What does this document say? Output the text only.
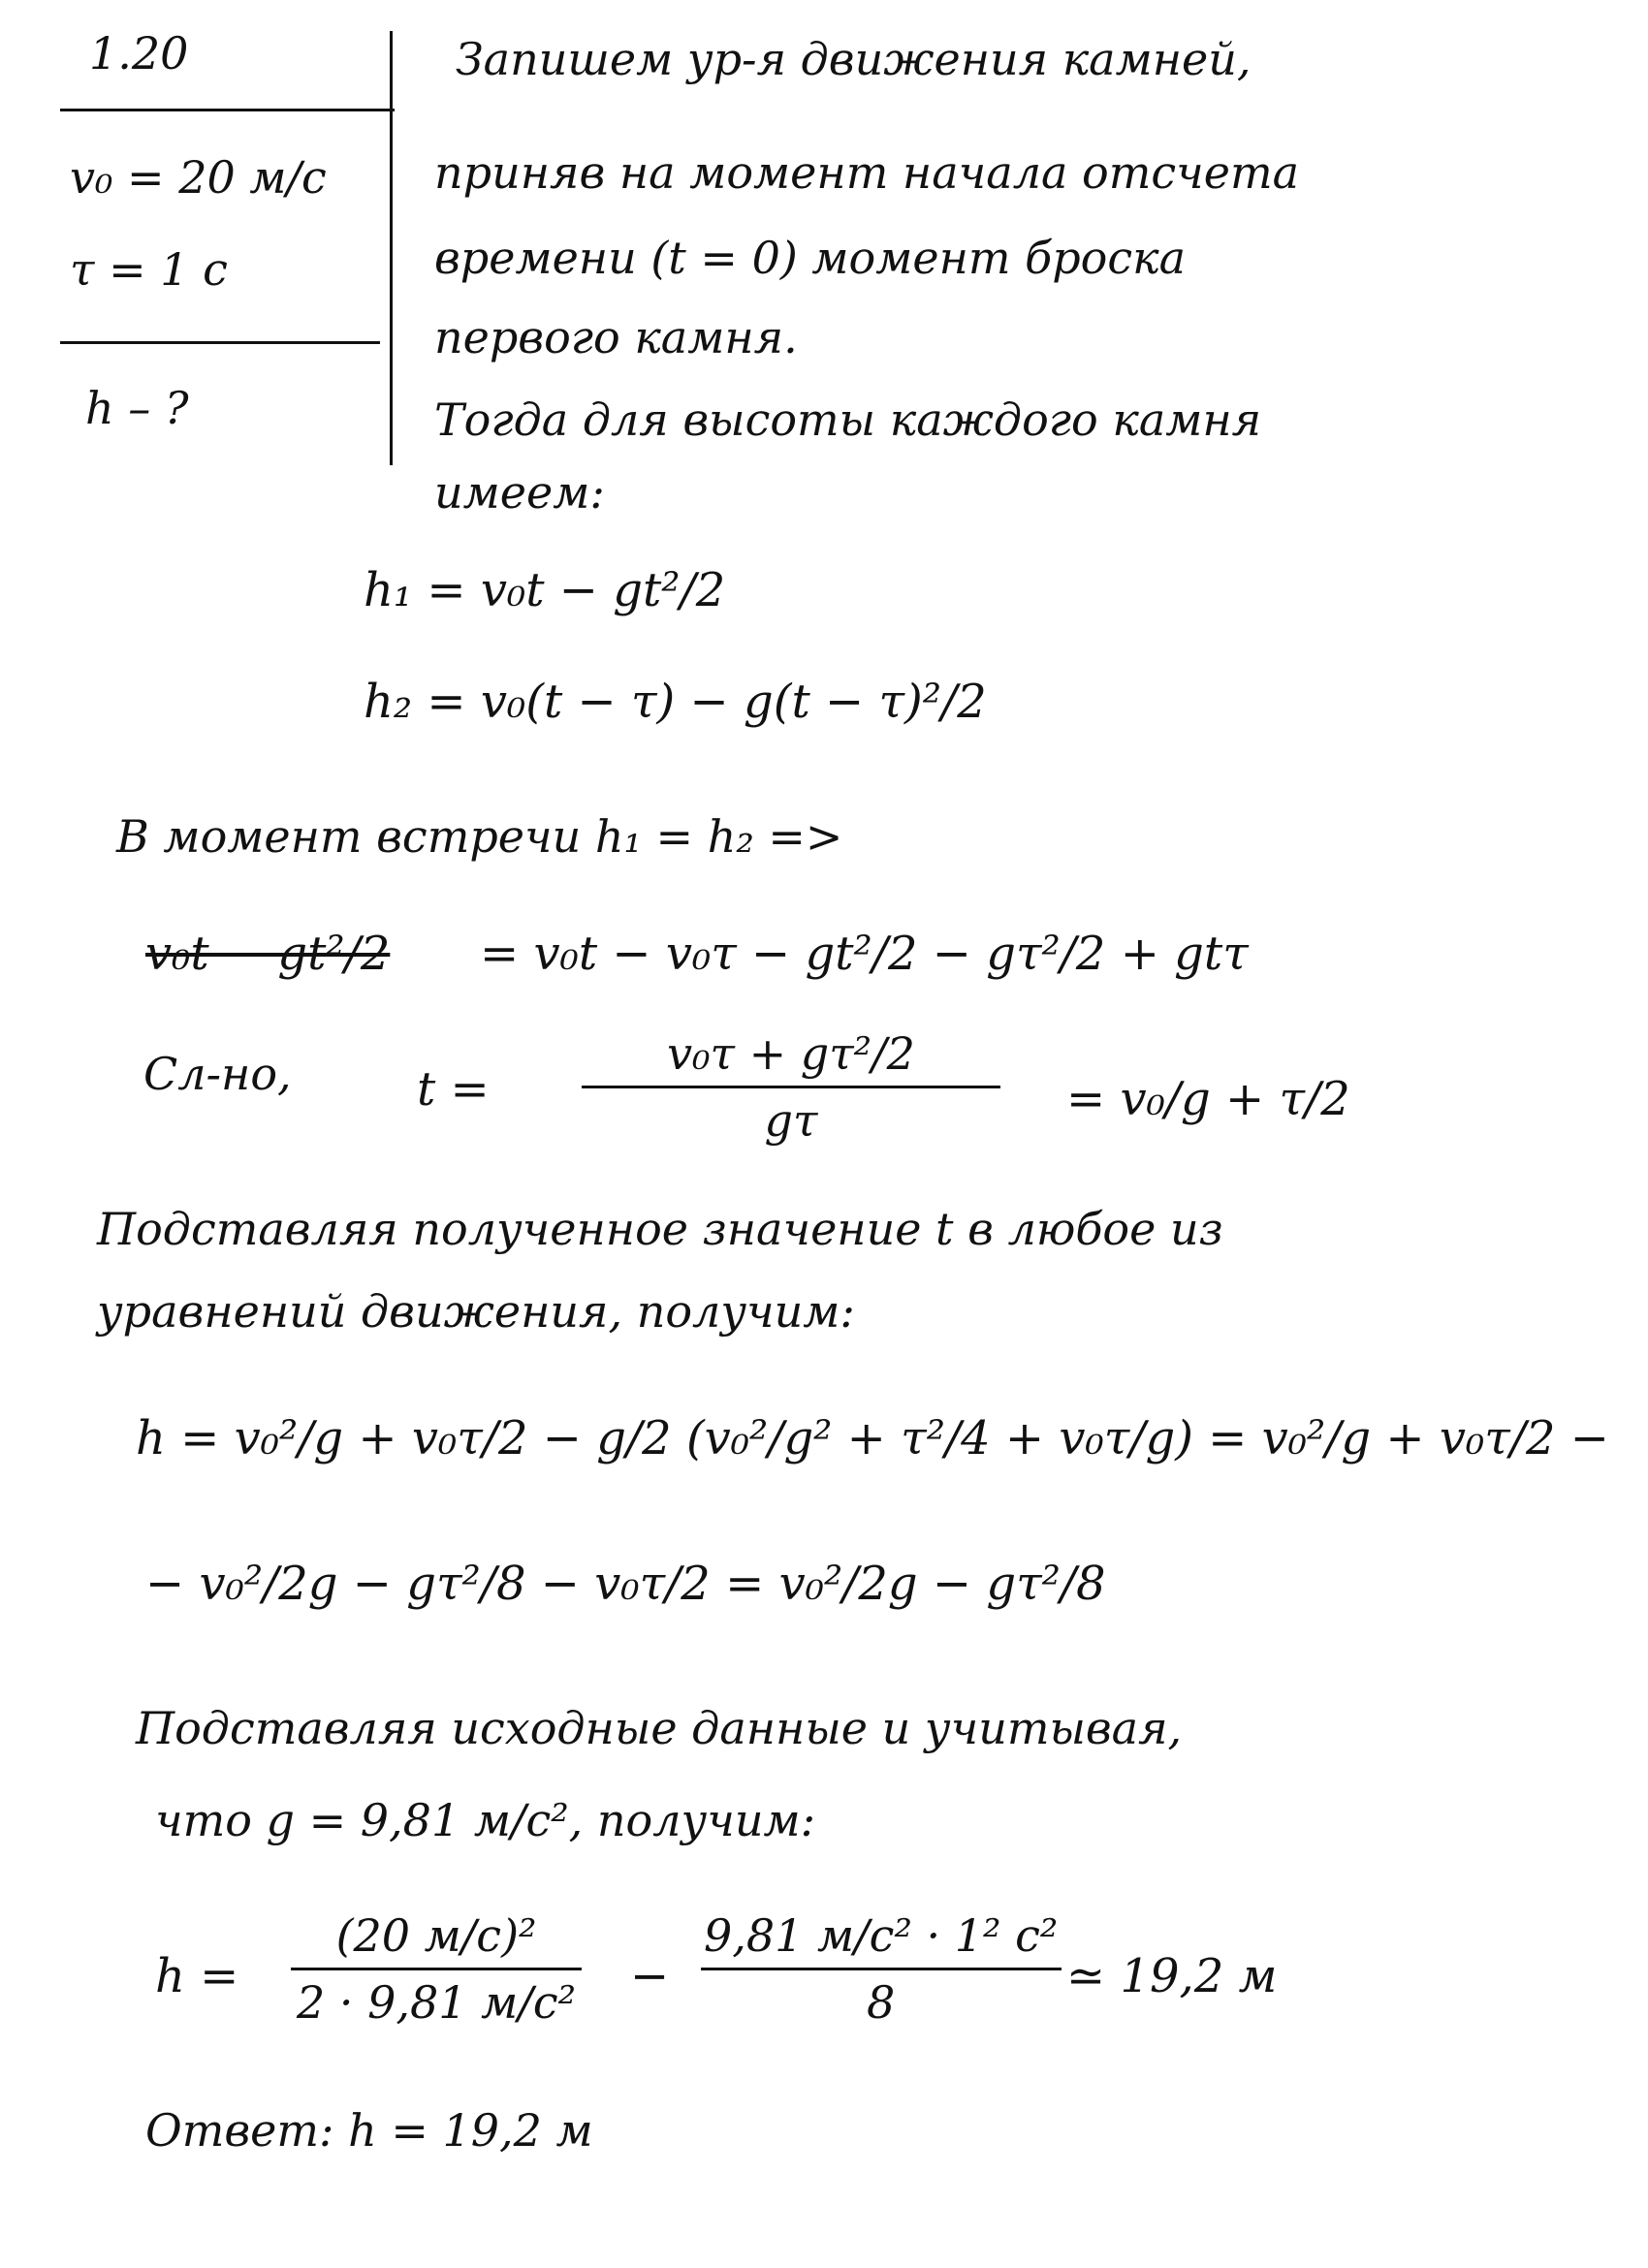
1.20
v₀ = 20 м/с
τ = 1 с
h – ?
Запишем ур-я движения камней,
приняв на момент начала отсчета
времени (t = 0) момент броска
первого камня.
Тогда для высоты каждого камня
имеем:
h₁ = v₀t − gt²/2
h₂ = v₀(t − τ) − g(t − τ)²/2
В момент встречи h₁ = h₂ =>
v₀t − gt²/2 = v₀t − v₀τ − gt²/2 − gτ²/2 + gtτ
Сл-но,	$t = \frac{\text{v₀τ + gτ²/2}}{g\tau} = v_0/g + \tau/2$
Подставляя полученное значение t в любое из
уравнений движения, получим:
h = v₀²/g + v₀τ/2 − g/2 (v₀²/g² + τ²/4 + v₀τ/g) = v₀²/g + v₀τ/2 −
− v₀²/2g − gτ²/8 − v₀τ/2 = v₀²/2g − gτ²/8
Подставляя исходные данные и учитывая,
что g = 9,81 м/с², получим:
h =
(20 м/с)²
2 · 9,81 м/с² −
9,81 м/с² · 1² с²
8	≃ 19,2 м
Ответ: h = 19,2 м
